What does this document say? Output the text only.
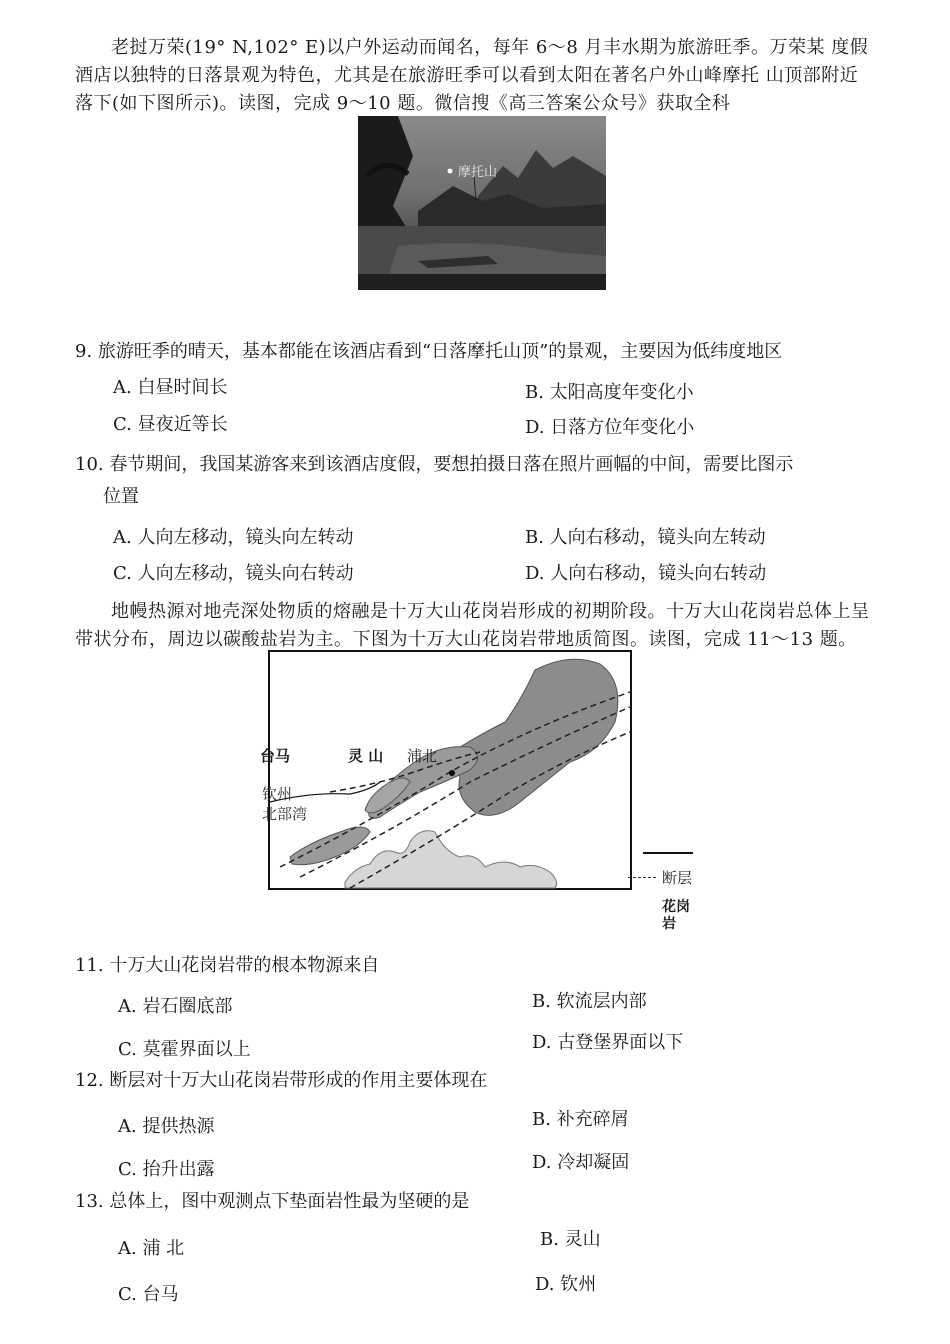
老挝万荣(19° N,102° E)以户外运动而闻名，每年 6～8 月丰水期为旅游旺季。万荣某 度假酒店以独特的日落景观为特色，尤其是在旅游旺季可以看到太阳在著名户外山峰摩托 山顶部附近落下(如下图所示)。读图，完成 9～10 题。微信搜《高三答案公众号》获取全科
摩托山
9. 旅游旺季的晴天，基本都能在该酒店看到“日落摩托山顶”的景观，主要因为低纬度地区
A. 白昼时间长	B. 太阳高度年变化小
C. 昼夜近等长	D. 日落方位年变化小
10. 春节期间，我国某游客来到该酒店度假，要想拍摄日落在照片画幅的中间，需要比图示
位置
A. 人向左移动，镜头向左转动	B. 人向右移动，镜头向左转动
C. 人向左移动，镜头向右转动	D. 人向右移动，镜头向右转动
地幔热源对地壳深处物质的熔融是十万大山花岗岩形成的初期阶段。十万大山花岗岩总体上呈带状分布，周边以碳酸盐岩为主。下图为十万大山花岗岩带地质简图。读图，完成 11～13 题。
台马	灵 山 浦北
钦州
北部湾
断层
花岗岩
11. 十万大山花岗岩带的根本物源来自
A. 岩石圈底部	B. 软流层内部
C. 莫霍界面以上	D. 古登堡界面以下
12. 断层对十万大山花岗岩带形成的作用主要体现在
A. 提供热源	B. 补充碎屑
C. 抬升出露	D. 冷却凝固
13. 总体上，图中观测点下垫面岩性最为坚硬的是
A. 浦 北	B. 灵山
C. 台马	D. 钦州
